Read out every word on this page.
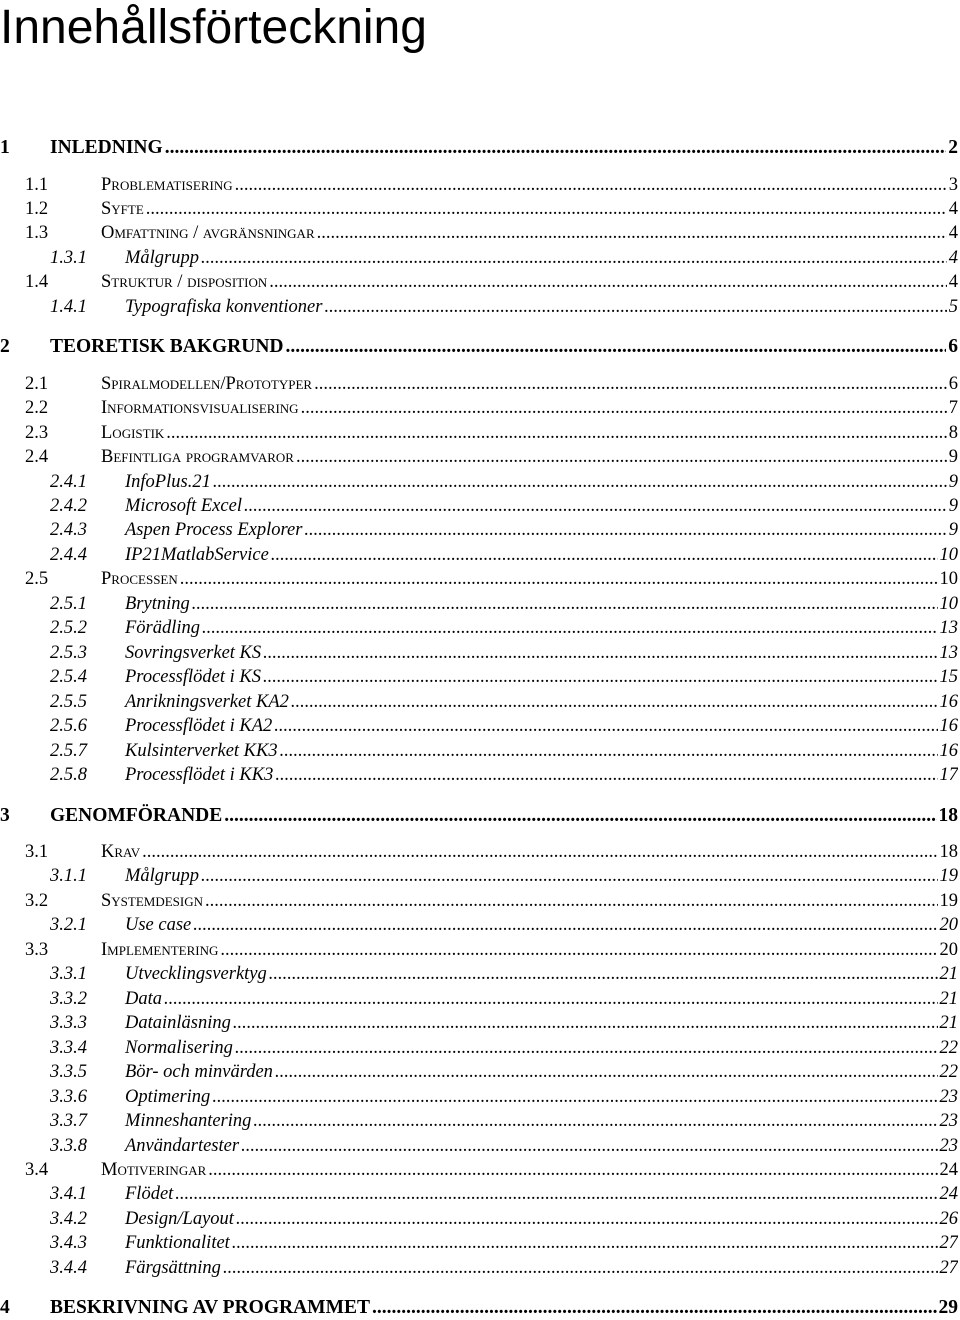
Innehållsförteckning
1	INLEDNING .....	2
1.1	Problematisering .....	3
1.2	Syfte .....	4
1.3	Omfattning / avgränsningar .....	4
1.3.1	Målgrupp .....	4
1.4	Struktur / disposition .....	4
1.4.1	Typografiska konventioner .....	5
2	TEORETISK BAKGRUND .....	6
2.1	Spiralmodellen/Prototyper .....	6
2.2	Informationsvisualisering .....	7
2.3	Logistik .....	8
2.4	Befintliga programvaror .....	9
2.4.1	InfoPlus.21 .....	9
2.4.2	Microsoft Excel .....	9
2.4.3	Aspen Process Explorer .....	9
2.4.4	IP21MatlabService .....	10
2.5	Processen .....	10
2.5.1	Brytning .....	10
2.5.2	Förädling .....	13
2.5.3	Sovringsverket KS .....	13
2.5.4	Processflödet i KS .....	15
2.5.5	Anrikningsverket KA2 .....	16
2.5.6	Processflödet i KA2 .....	16
2.5.7	Kulsinterverket KK3 .....	16
2.5.8	Processflödet i KK3 .....	17
3	GENOMFÖRANDE .....	18
3.1	Krav .....	18
3.1.1	Målgrupp .....	19
3.2	Systemdesign .....	19
3.2.1	Use case .....	20
3.3	Implementering .....	20
3.3.1	Utvecklingsverktyg .....	21
3.3.2	Data .....	21
3.3.3	Datainläsning .....	21
3.3.4	Normalisering .....	22
3.3.5	Bör- och minvärden .....	22
3.3.6	Optimering .....	23
3.3.7	Minneshantering .....	23
3.3.8	Användartester .....	23
3.4	Motiveringar .....	24
3.4.1	Flödet .....	24
3.4.2	Design/Layout .....	26
3.4.3	Funktionalitet .....	27
3.4.4	Färgsättning .....	27
4	BESKRIVNING AV PROGRAMMET .....	29
